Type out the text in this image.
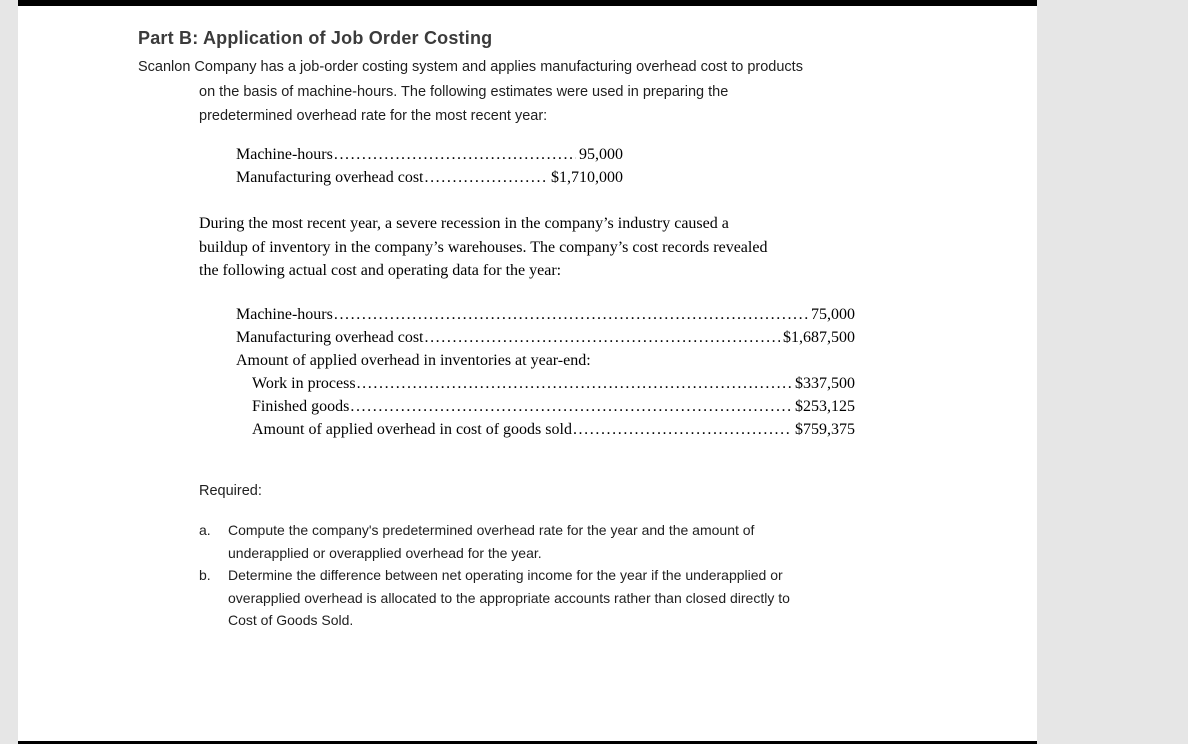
Part B: Application of Job Order Costing
Scanlon Company has a job-order costing system and applies manufacturing overhead cost to products
on the basis of machine-hours. The following estimates were used in preparing the
predetermined overhead rate for the most recent year:
Machine-hours .....	95,000
Manufacturing overhead cost .....	$1,710,000
During the most recent year, a severe recession in the company’s industry caused a
buildup of inventory in the company’s warehouses. The company’s cost records revealed
the following actual cost and operating data for the year:
Machine-hours .....	75,000
Manufacturing overhead cost .....	$1,687,500
Amount of applied overhead in inventories at year-end:
Work in process .....	$337,500
Finished goods .....	$253,125
Amount of applied overhead in cost of goods sold .....	$759,375
Required:
a.	Compute the company's predetermined overhead rate for the year and the amount of
underapplied or overapplied overhead for the year.
b.	Determine the difference between net operating income for the year if the underapplied or
overapplied overhead is allocated to the appropriate accounts rather than closed directly to
Cost of Goods Sold.
